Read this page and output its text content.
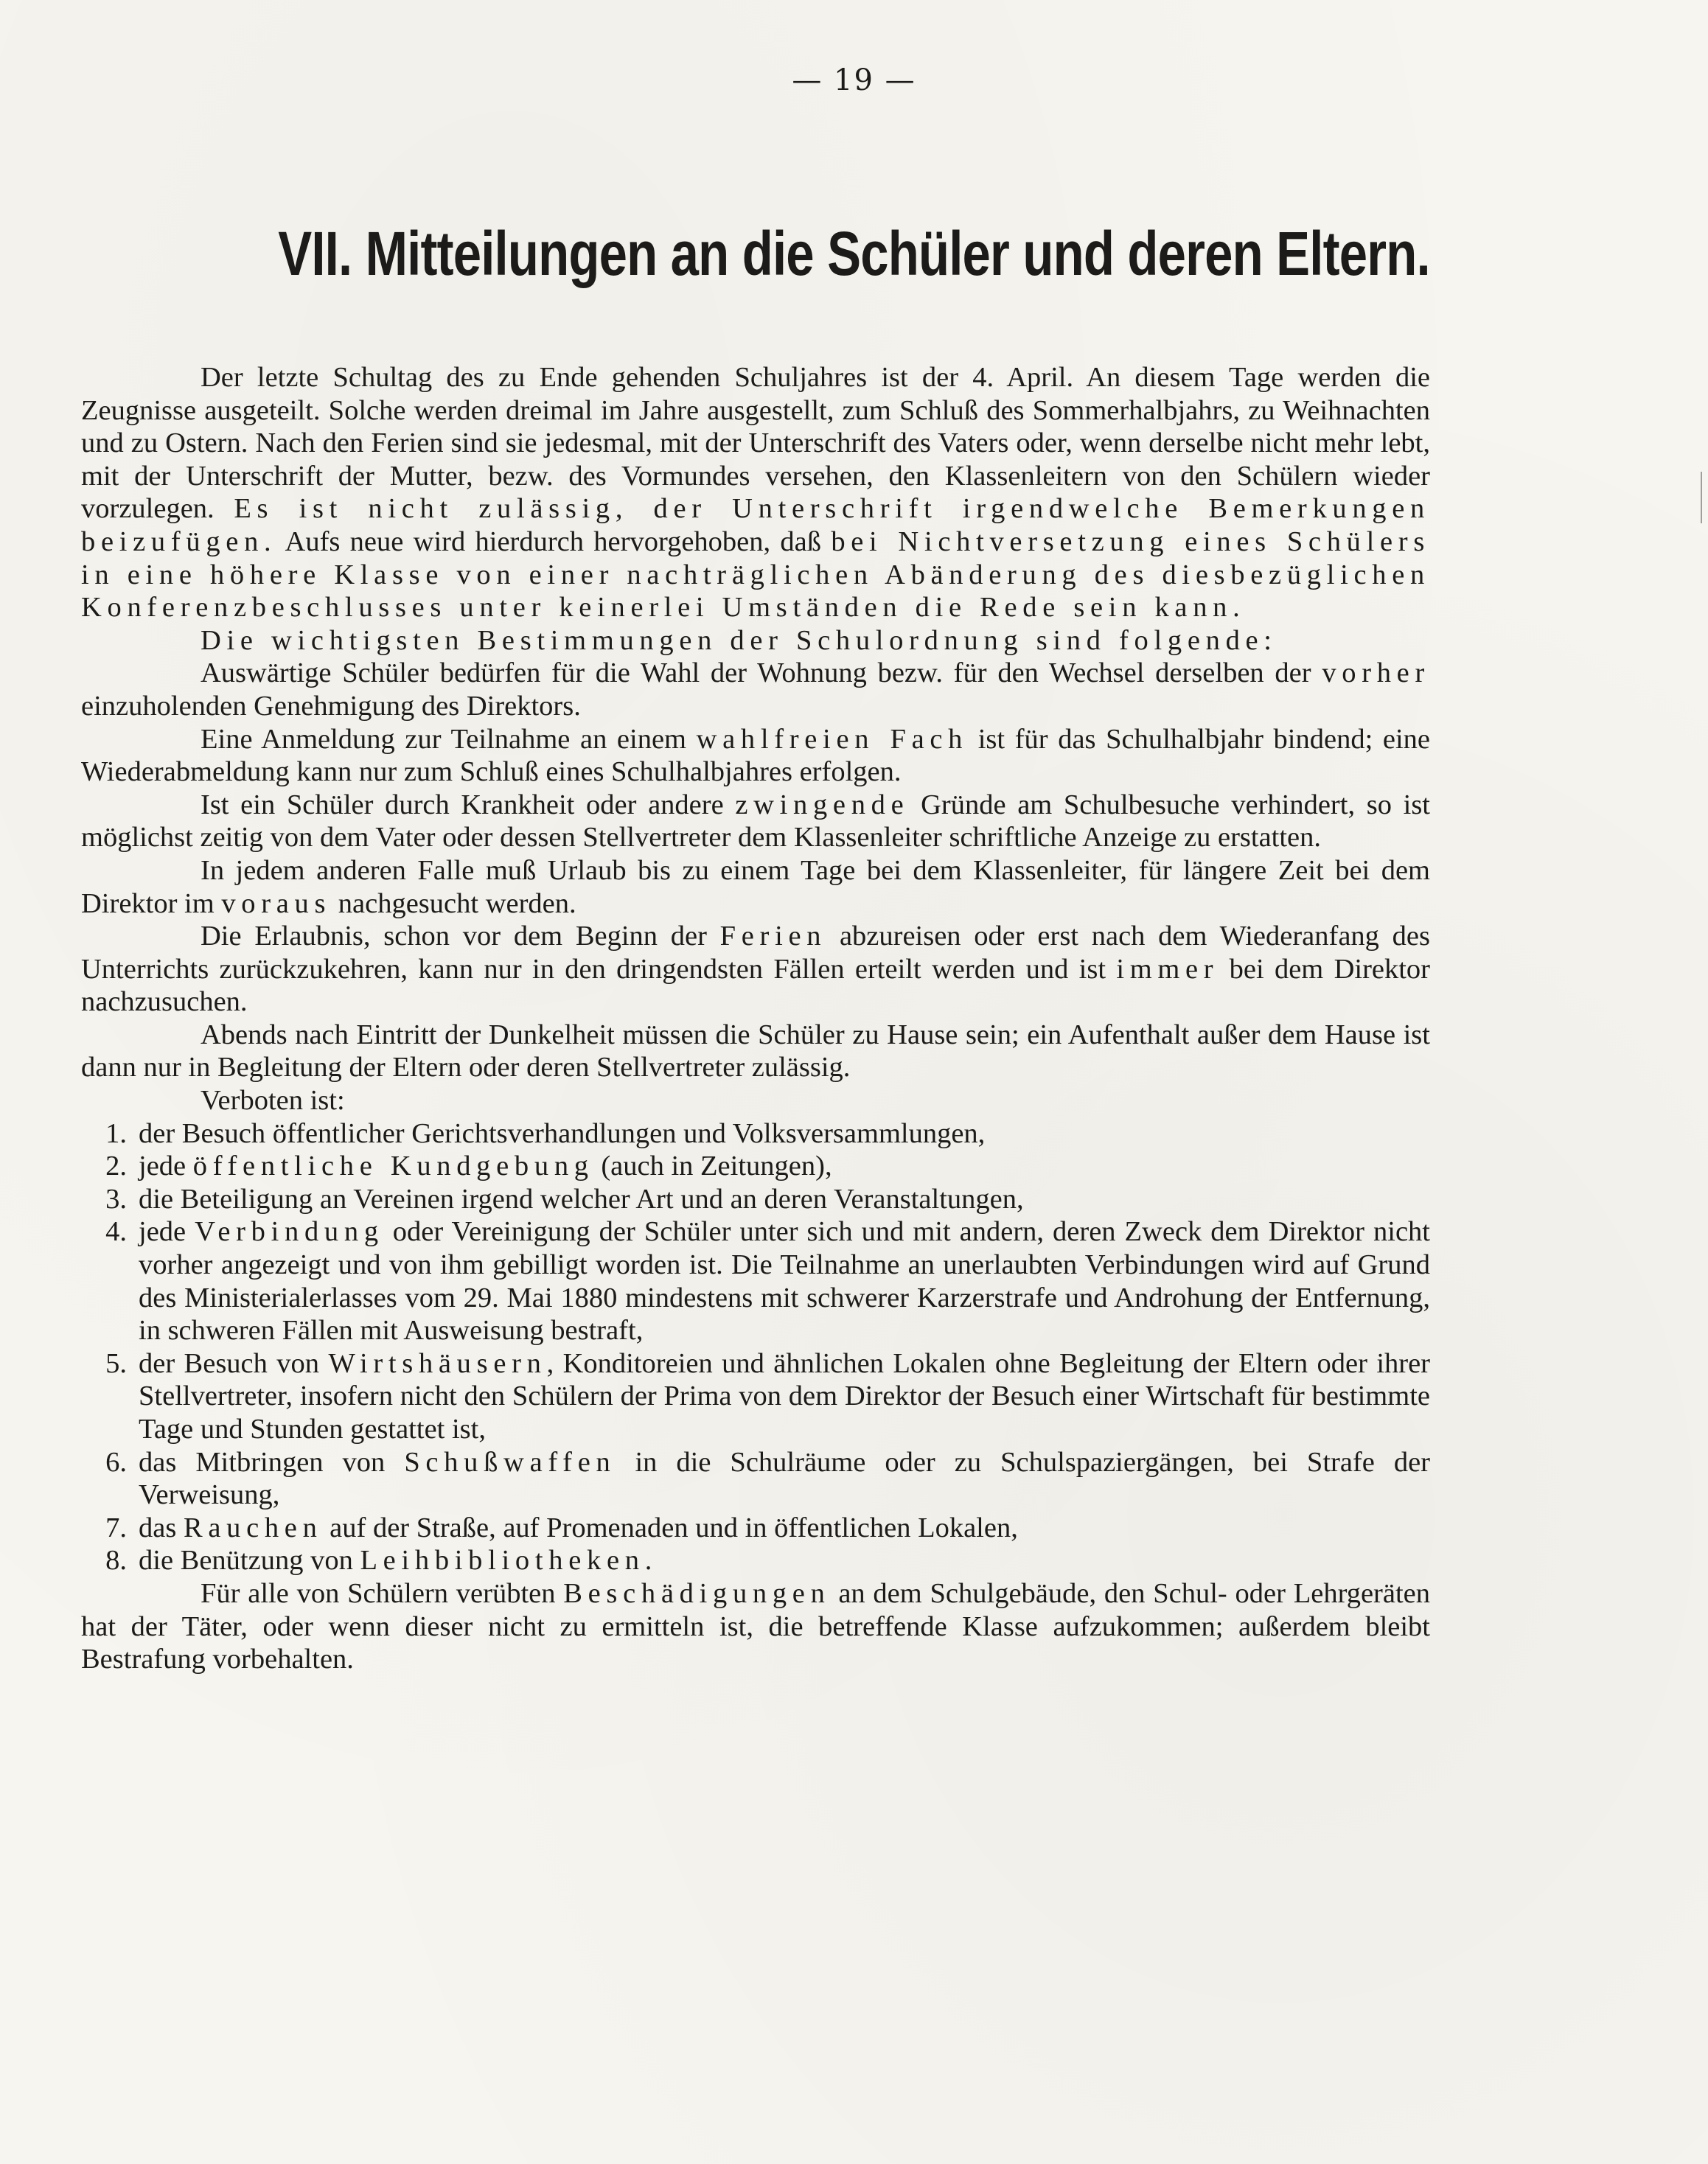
— 19 —
VII. Mitteilungen an die Schüler und deren Eltern.

Der letzte Schultag des zu Ende gehenden Schuljahres ist der 4. April. An diesem Tage werden die Zeugnisse ausgeteilt. Solche werden dreimal im Jahre ausgestellt, zum Schluß des Sommerhalbjahrs, zu Weihnachten und zu Ostern. Nach den Ferien sind sie jedesmal, mit der Unterschrift des Vaters oder, wenn derselbe nicht mehr lebt, mit der Unterschrift der Mutter, bezw. des Vormundes versehen, den Klassenleitern von den Schülern wieder vorzulegen. Es ist nicht zulässig, der Unterschrift irgendwelche Bemerkungen beizufügen. Aufs neue wird hierdurch hervorgehoben, daß bei Nichtversetzung eines Schülers in eine höhere Klasse von einer nachträglichen Abänderung des diesbezüglichen Konferenzbeschlusses unter keinerlei Umständen die Rede sein kann.

Die wichtigsten Bestimmungen der Schulordnung sind folgende:

Auswärtige Schüler bedürfen für die Wahl der Wohnung bezw. für den Wechsel derselben der vorher einzuholenden Genehmigung des Direktors.

Eine Anmeldung zur Teilnahme an einem wahlfreien Fach ist für das Schulhalbjahr bindend; eine Wiederabmeldung kann nur zum Schluß eines Schulhalbjahres erfolgen.

Ist ein Schüler durch Krankheit oder andere zwingende Gründe am Schulbesuche verhindert, so ist möglichst zeitig von dem Vater oder dessen Stellvertreter dem Klassenleiter schriftliche Anzeige zu erstatten.

In jedem anderen Falle muß Urlaub bis zu einem Tage bei dem Klassenleiter, für längere Zeit bei dem Direktor im voraus nachgesucht werden.

Die Erlaubnis, schon vor dem Beginn der Ferien abzureisen oder erst nach dem Wiederanfang des Unterrichts zurückzukehren, kann nur in den dringendsten Fällen erteilt werden und ist immer bei dem Direktor nachzusuchen.

Abends nach Eintritt der Dunkelheit müssen die Schüler zu Hause sein; ein Aufenthalt außer dem Hause ist dann nur in Begleitung der Eltern oder deren Stellvertreter zulässig.

Verboten ist:

1. der Besuch öffentlicher Gerichtsverhandlungen und Volksversammlungen,
2. jede öffentliche Kundgebung (auch in Zeitungen),
3. die Beteiligung an Vereinen irgend welcher Art und an deren Veranstaltungen,
4. jede Verbindung oder Vereinigung der Schüler unter sich und mit andern, deren Zweck dem Direktor nicht vorher angezeigt und von ihm gebilligt worden ist. Die Teilnahme an unerlaubten Verbindungen wird auf Grund des Ministerialerlasses vom 29. Mai 1880 mindestens mit schwerer Karzerstrafe und Androhung der Entfernung, in schweren Fällen mit Ausweisung bestraft,
5. der Besuch von Wirtshäusern, Konditoreien und ähnlichen Lokalen ohne Begleitung der Eltern oder ihrer Stellvertreter, insofern nicht den Schülern der Prima von dem Direktor der Besuch einer Wirtschaft für bestimmte Tage und Stunden gestattet ist,
6. das Mitbringen von Schußwaffen in die Schulräume oder zu Schulspaziergängen, bei Strafe der Verweisung,
7. das Rauchen auf der Straße, auf Promenaden und in öffentlichen Lokalen,
8. die Benützung von Leihbibliotheken.

Für alle von Schülern verübten Beschädigungen an dem Schulgebäude, den Schul- oder Lehrgeräten hat der Täter, oder wenn dieser nicht zu ermitteln ist, die betreffende Klasse aufzukommen; außerdem bleibt Bestrafung vorbehalten.
